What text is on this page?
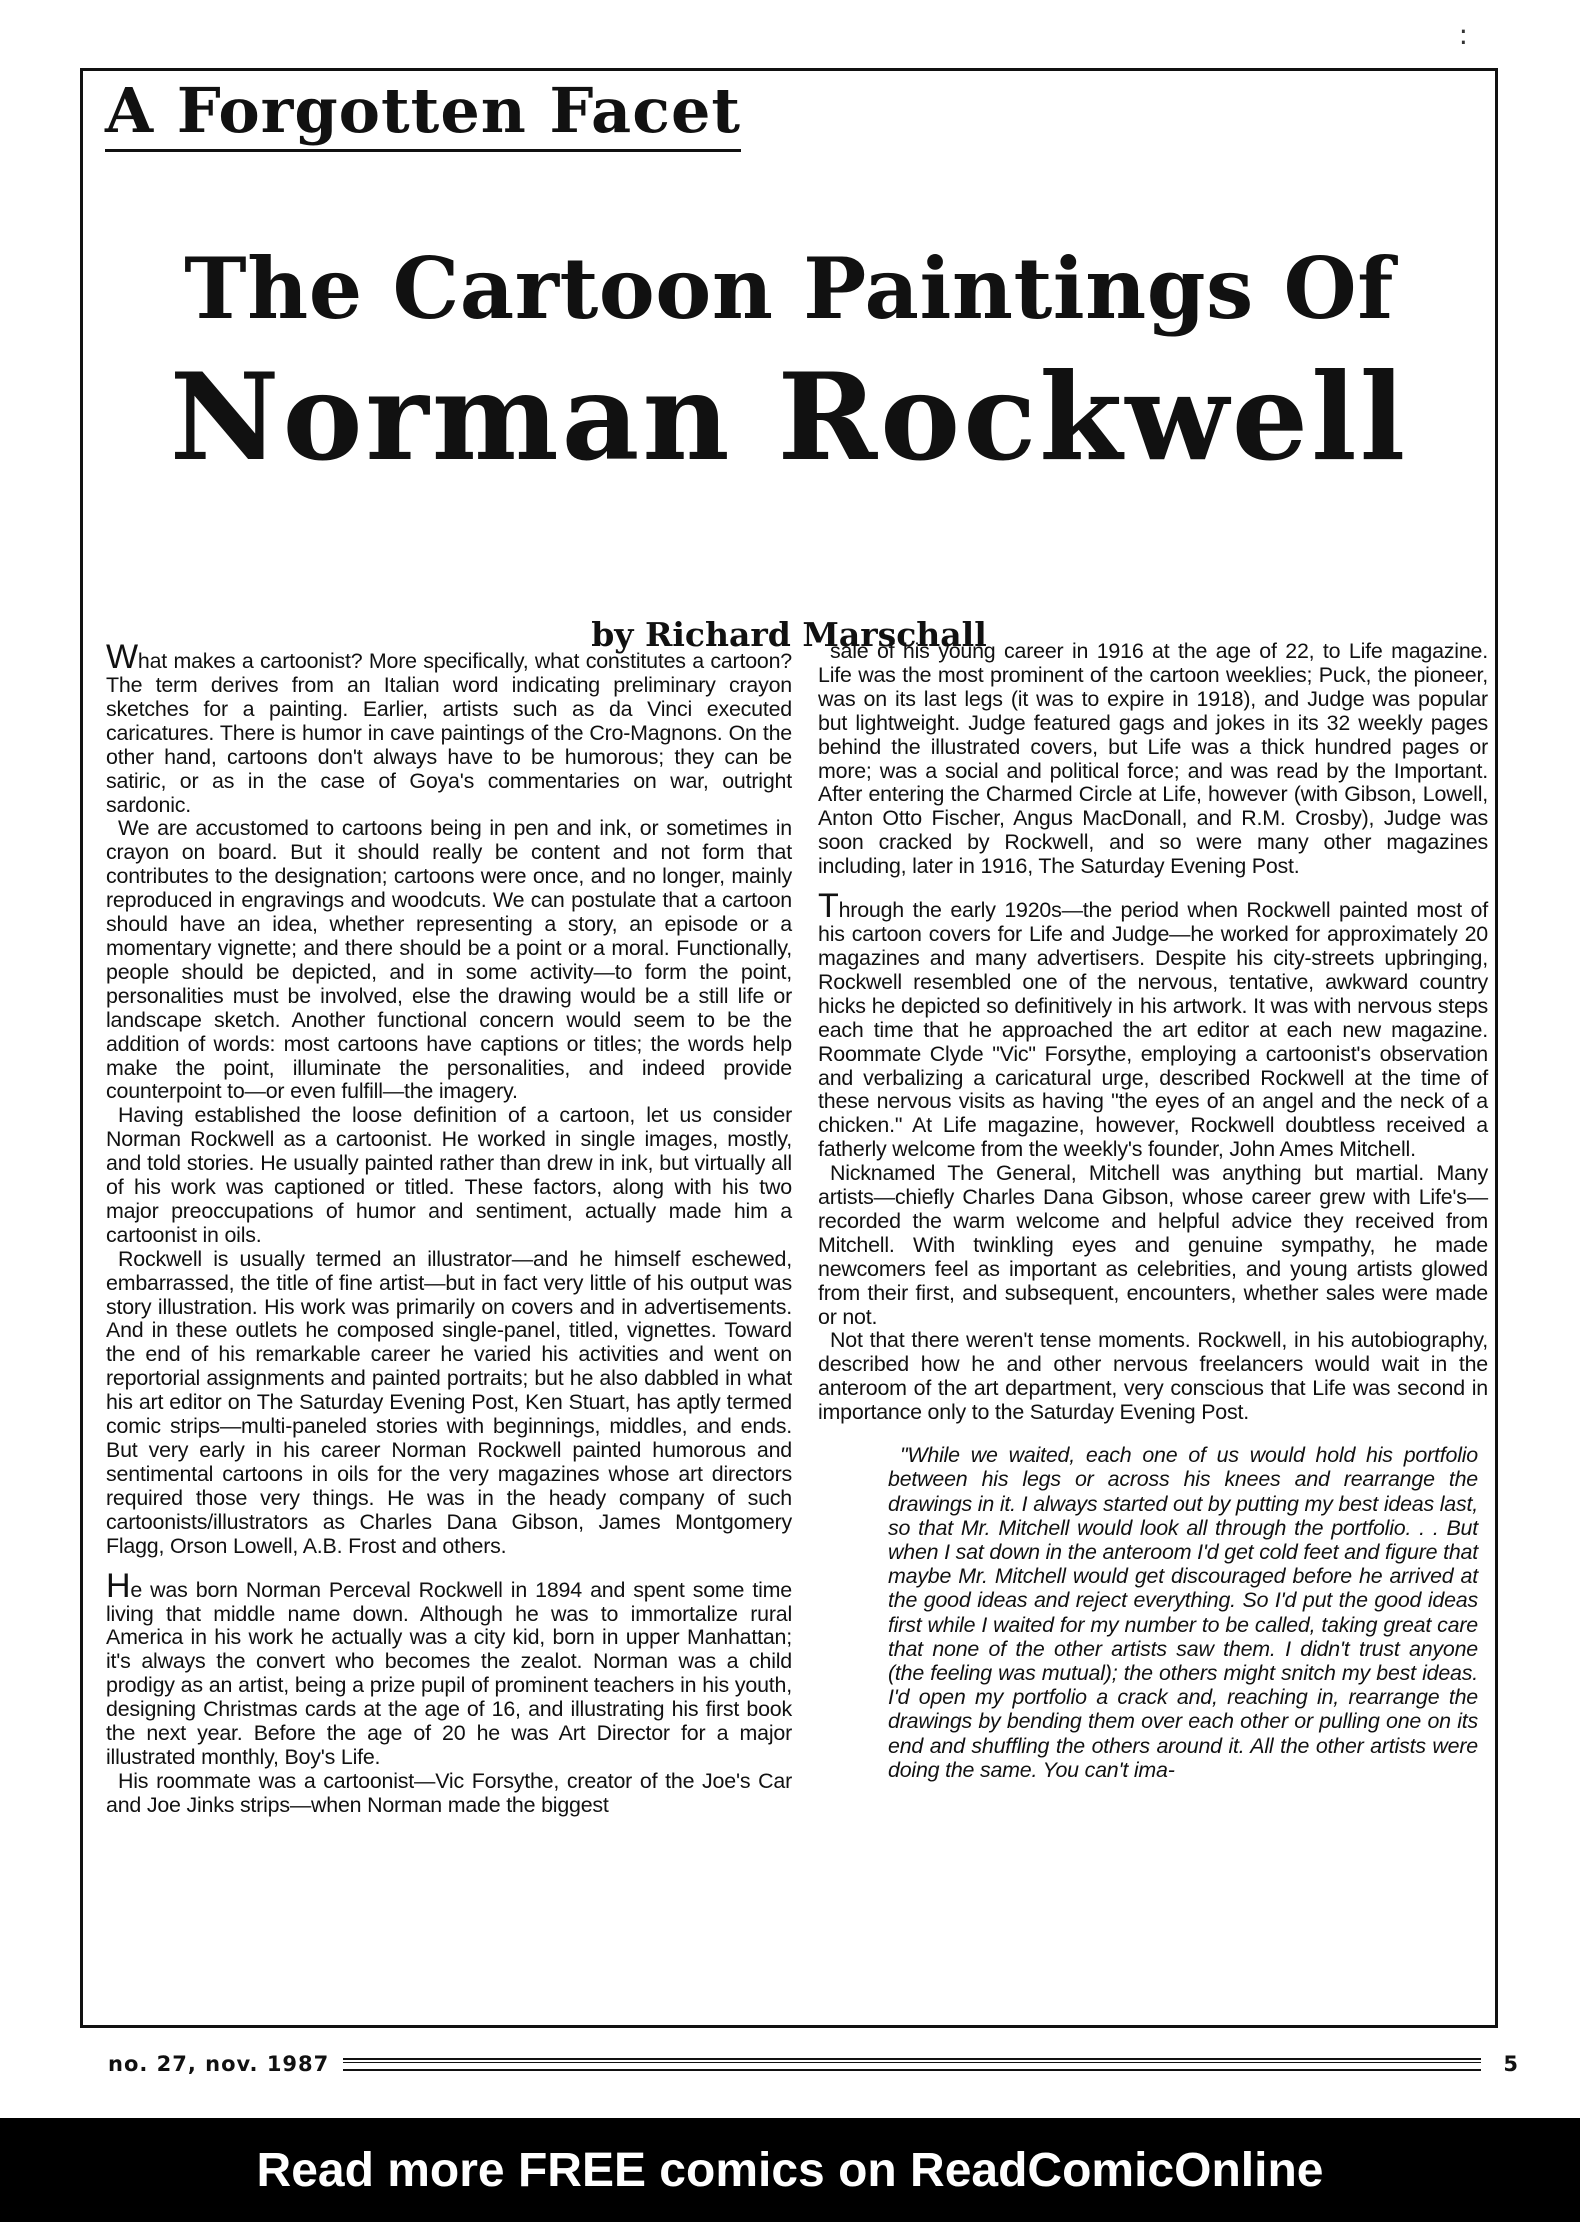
:
A Forgotten Facet
The Cartoon Paintings Of
Norman Rockwell

by Richard Marschall

What makes a cartoonist? More specifically, what constitutes a cartoon? The term derives from an Italian word indicating preliminary crayon sketches for a painting. Earlier, artists such as da Vinci executed caricatures. There is humor in cave paintings of the Cro-Magnons. On the other hand, cartoons don't always have to be humorous; they can be satiric, or as in the case of Goya's commentaries on war, outright sardonic.

We are accustomed to cartoons being in pen and ink, or sometimes in crayon on board. But it should really be content and not form that contributes to the designation; cartoons were once, and no longer, mainly reproduced in engravings and woodcuts. We can postulate that a cartoon should have an idea, whether representing a story, an episode or a momentary vignette; and there should be a point or a moral. Functionally, people should be depicted, and in some activity—to form the point, personalities must be involved, else the drawing would be a still life or landscape sketch. Another functional concern would seem to be the addition of words: most cartoons have captions or titles; the words help make the point, illuminate the personalities, and indeed provide counterpoint to—or even fulfill—the imagery.

Having established the loose definition of a cartoon, let us consider Norman Rockwell as a cartoonist. He worked in single images, mostly, and told stories. He usually painted rather than drew in ink, but virtually all of his work was captioned or titled. These factors, along with his two major preoccupations of humor and sentiment, actually made him a cartoonist in oils.

Rockwell is usually termed an illustrator—and he himself eschewed, embarrassed, the title of fine artist—but in fact very little of his output was story illustration. His work was primarily on covers and in advertisements. And in these outlets he composed single-panel, titled, vignettes. Toward the end of his remarkable career he varied his activities and went on reportorial assignments and painted portraits; but he also dabbled in what his art editor on The Saturday Evening Post, Ken Stuart, has aptly termed comic strips—multi-paneled stories with beginnings, middles, and ends. But very early in his career Norman Rockwell painted humorous and sentimental cartoons in oils for the very magazines whose art directors required those very things. He was in the heady company of such cartoonists/illustrators as Charles Dana Gibson, James Montgomery Flagg, Orson Lowell, A.B. Frost and others.

He was born Norman Perceval Rockwell in 1894 and spent some time living that middle name down. Although he was to immortalize rural America in his work he actually was a city kid, born in upper Manhattan; it's always the convert who becomes the zealot. Norman was a child prodigy as an artist, being a prize pupil of prominent teachers in his youth, designing Christmas cards at the age of 16, and illustrating his first book the next year. Before the age of 20 he was Art Director for a major illustrated monthly, Boy's Life.

His roommate was a cartoonist—Vic Forsythe, creator of the Joe's Car and Joe Jinks strips—when Norman made the biggest

sale of his young career in 1916 at the age of 22, to Life magazine. Life was the most prominent of the cartoon weeklies; Puck, the pioneer, was on its last legs (it was to expire in 1918), and Judge was popular but lightweight. Judge featured gags and jokes in its 32 weekly pages behind the illustrated covers, but Life was a thick hundred pages or more; was a social and political force; and was read by the Important. After entering the Charmed Circle at Life, however (with Gibson, Lowell, Anton Otto Fischer, Angus MacDonall, and R.M. Crosby), Judge was soon cracked by Rockwell, and so were many other magazines including, later in 1916, The Saturday Evening Post.

Through the early 1920s—the period when Rockwell painted most of his cartoon covers for Life and Judge—he worked for approximately 20 magazines and many advertisers. Despite his city-streets upbringing, Rockwell resembled one of the nervous, tentative, awkward country hicks he depicted so definitively in his artwork. It was with nervous steps each time that he approached the art editor at each new magazine. Roommate Clyde "Vic" Forsythe, employing a cartoonist's observation and verbalizing a caricatural urge, described Rockwell at the time of these nervous visits as having "the eyes of an angel and the neck of a chicken." At Life magazine, however, Rockwell doubtless received a fatherly welcome from the weekly's founder, John Ames Mitchell.

Nicknamed The General, Mitchell was anything but martial. Many artists—chiefly Charles Dana Gibson, whose career grew with Life's—recorded the warm welcome and helpful advice they received from Mitchell. With twinkling eyes and genuine sympathy, he made newcomers feel as important as celebrities, and young artists glowed from their first, and subsequent, encounters, whether sales were made or not.

Not that there weren't tense moments. Rockwell, in his autobiography, described how he and other nervous freelancers would wait in the anteroom of the art department, very conscious that Life was second in importance only to the Saturday Evening Post.

"While we waited, each one of us would hold his portfolio between his legs or across his knees and rearrange the drawings in it. I always started out by putting my best ideas last, so that Mr. Mitchell would look all through the portfolio. . . But when I sat down in the anteroom I'd get cold feet and figure that maybe Mr. Mitchell would get discouraged before he arrived at the good ideas and reject everything. So I'd put the good ideas first while I waited for my number to be called, taking great care that none of the other artists saw them. I didn't trust anyone (the feeling was mutual); the others might snitch my best ideas. I'd open my portfolio a crack and, reaching in, rearrange the drawings by bending them over each other or pulling one on its end and shuffling the others around it. All the other artists were doing the same. You can't ima-

no. 27, nov. 1987	5
Read more FREE comics on ReadComicOnline
